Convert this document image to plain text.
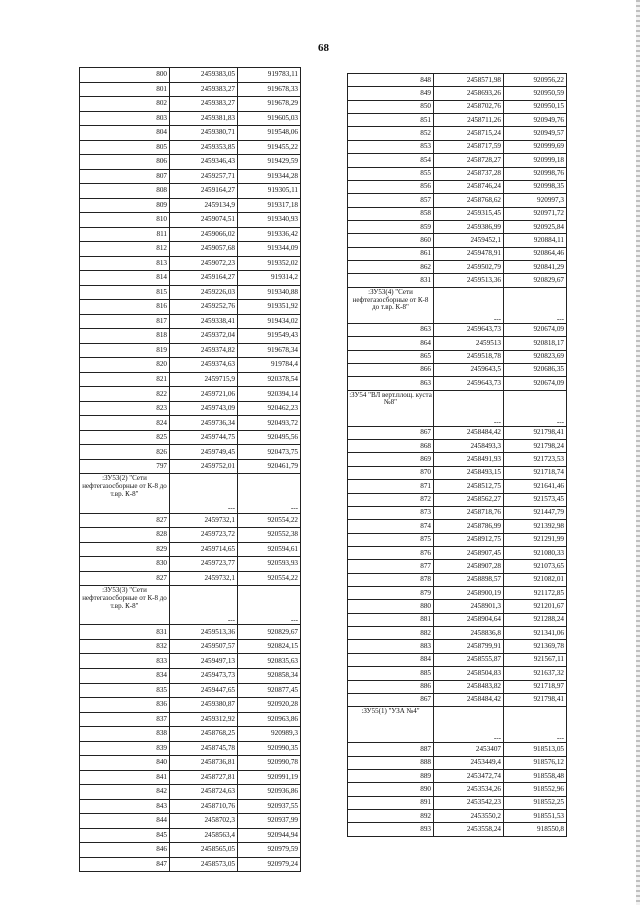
68
800	2459383,05	919783,11
801	2459383,27	919678,33
802	2459383,27	919678,29
803	2459381,83	919605,03
804	2459380,71	919548,06
805	2459353,85	919455,22
806	2459346,43	919429,59
807	2459257,71	919344,28
808	2459164,27	919305,11
809	2459134,9	919317,18
810	2459074,51	919340,93
811	2459066,02	919336,42
812	2459057,68	919344,09
813	2459072,23	919352,02
814	2459164,27	919314,2
815	2459226,03	919340,88
816	2459252,76	919351,92
817	2459338,41	919434,02
818	2459372,04	919549,43
819	2459374,82	919678,34
820	2459374,63	919784,4
821	2459715,9	920378,54
822	2459721,06	920394,14
823	2459743,09	920462,23
824	2459736,34	920493,72
825	2459744,75	920495,56
826	2459749,45	920473,75
797	2459752,01	920461,79
:ЗУ53(2) "Сети нефтегазосборные от К-8 до т.вр. К-8"	---	---
827	2459732,1	920554,22
828	2459723,72	920552,38
829	2459714,65	920594,61
830	2459723,77	920593,93
827	2459732,1	920554,22
:ЗУ53(3) "Сети нефтегазосборные от К-8 до т.вр. К-8"	---	---
831	2459513,36	920829,67
832	2459507,57	920824,15
833	2459497,13	920835,63
834	2459473,73	920858,34
835	2459447,65	920877,45
836	2459380,87	920920,28
837	2459312,92	920963,86
838	2458768,25	920989,3
839	2458745,78	920990,35
840	2458736,81	920990,78
841	2458727,81	920991,19
842	2458724,63	920936,86
843	2458710,76	920937,55
844	2458702,3	920937,99
845	2458563,4	920944,94
846	2458565,05	920979,59
847	2458573,05	920979,24
848	2458571,98	920956,22
849	2458693,26	920950,59
850	2458702,76	920950,15
851	2458711,26	920949,76
852	2458715,24	920949,57
853	2458717,59	920999,69
854	2458728,27	920999,18
855	2458737,28	920998,76
856	2458746,24	920998,35
857	2458768,62	920997,3
858	2459315,45	920971,72
859	2459386,99	920925,84
860	2459452,1	920884,11
861	2459478,91	920864,46
862	2459502,79	920841,29
831	2459513,36	920829,67
:ЗУ53(4) "Сети нефтегазосборные от К-8 до т.вр. К-8"	---	---
863	2459643,73	920674,09
864	2459513	920818,17
865	2459518,78	920823,69
866	2459643,5	920686,35
863	2459643,73	920674,09
:ЗУ54 "ВЛ верт.площ. куста №8"	---	---
867	2458484,42	921798,41
868	2458493,3	921798,24
869	2458491,93	921723,53
870	2458493,15	921718,74
871	2458512,75	921641,46
872	2458562,27	921573,45
873	2458718,76	921447,79
874	2458786,99	921392,98
875	2458912,75	921291,99
876	2458907,45	921080,33
877	2458907,28	921073,65
878	2458898,57	921082,01
879	2458900,19	921172,85
880	2458901,3	921201,67
881	2458904,64	921288,24
882	2458836,8	921341,06
883	2458799,91	921369,78
884	2458555,87	921567,11
885	2458504,83	921637,32
886	2458483,82	921718,97
867	2458484,42	921798,41
:ЗУ55(1) "УЗА №4"	---	---
887	2453407	918513,05
888	2453449,4	918576,12
889	2453472,74	918558,48
890	2453534,26	918552,96
891	2453542,23	918552,25
892	2453550,2	918551,53
893	2453558,24	918550,8
